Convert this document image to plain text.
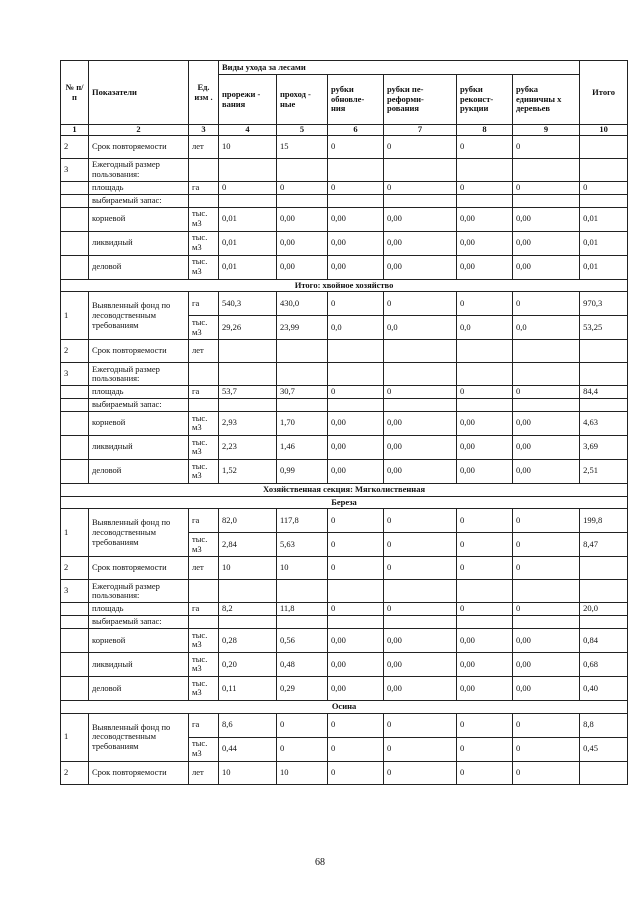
№ п/п	Показатели	Ед. изм .	Виды ухода за лесами						Итого
			прорежи - вания	проход - ные	рубки обновле- ния	рубки пе- реформи- рования	рубки реконст- рукции	рубка единичны х деревьев	
1	2	3	4	5	6	7	8	9	10
2	Срок повторяемости	лет	10	15	0	0	0	0	
3	Ежегодный размер пользования:								
	площадь	га	0	0	0	0	0	0	0
	выбираемый запас:								
	корневой	тыс. м3	0,01	0,00	0,00	0,00	0,00	0,00	0,01
	ликвидный	тыс. м3	0,01	0,00	0,00	0,00	0,00	0,00	0,01
	деловой	тыс. м3	0,01	0,00	0,00	0,00	0,00	0,00	0,01
Итого: хвойное хозяйство									
1	Выявленный фонд по лесоводственным требованиям	га	540,3	430,0	0	0	0	0	970,3
		тыс. м3	29,26	23,99	0,0	0,0	0,0	0,0	53,25
2	Срок повторяемости	лет							
3	Ежегодный размер пользования:								
	площадь	га	53,7	30,7	0	0	0	0	84,4
	выбираемый запас:								
	корневой	тыс. м3	2,93	1,70	0,00	0,00	0,00	0,00	4,63
	ликвидный	тыс. м3	2,23	1,46	0,00	0,00	0,00	0,00	3,69
	деловой	тыс. м3	1,52	0,99	0,00	0,00	0,00	0,00	2,51
Хозяйственная секция: Мягколиственная									
Береза									
1	Выявленный фонд по лесоводственным требованиям	га	82,0	117,8	0	0	0	0	199,8
		тыс. м3	2,84	5,63	0	0	0	0	8,47
2	Срок повторяемости	лет	10	10	0	0	0	0	
3	Ежегодный размер пользования:								
	площадь	га	8,2	11,8	0	0	0	0	20,0
	выбираемый запас:								
	корневой	тыс. м3	0,28	0,56	0,00	0,00	0,00	0,00	0,84
	ликвидный	тыс. м3	0,20	0,48	0,00	0,00	0,00	0,00	0,68
	деловой	тыс. м3	0,11	0,29	0,00	0,00	0,00	0,00	0,40
Осина									
1	Выявленный фонд по лесоводственным требованиям	га	8,6	0	0	0	0	0	8,8
		тыс. м3	0,44	0	0	0	0	0	0,45
2	Срок повторяемости	лет	10	10	0	0	0	0	
68
